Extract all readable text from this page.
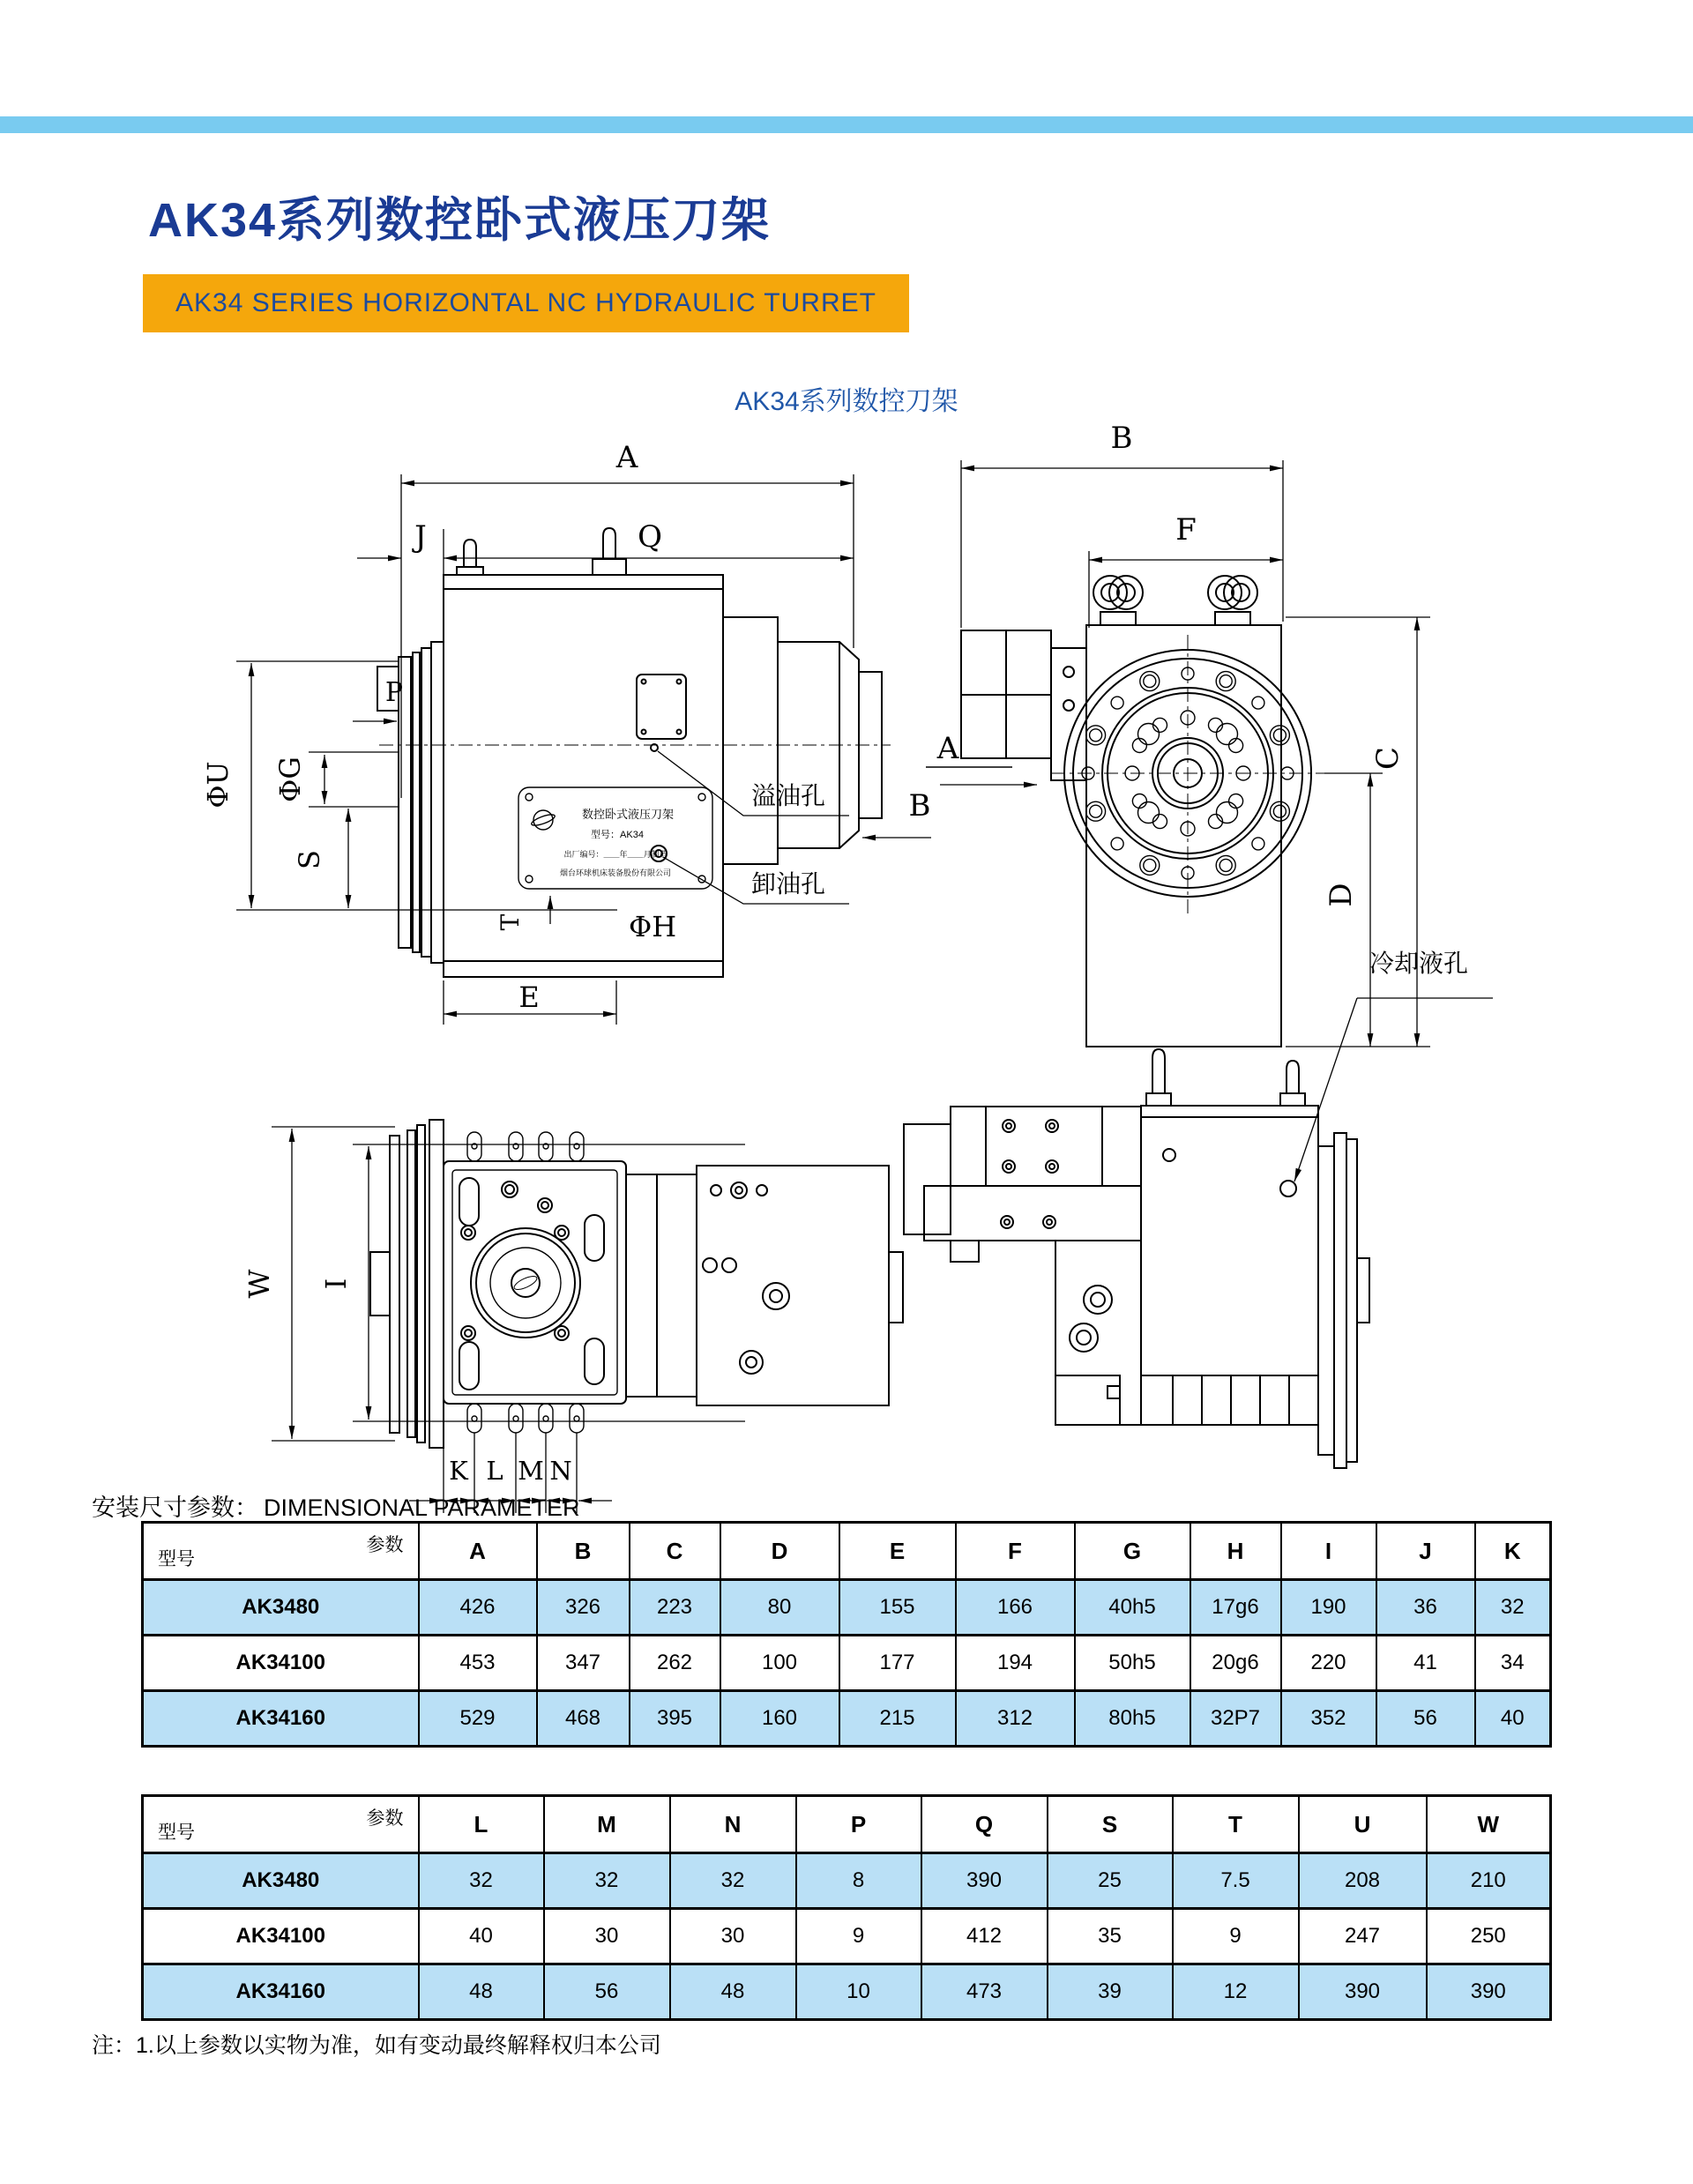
AK34系列数控卧式液压刀架
AK34 SERIES HORIZONTAL NC HYDRAULIC TURRET
AK34系列数控刀架
数控卧式液压刀架
型号：AK34
出厂编号：＿＿年＿＿月制造
烟台环球机床装备股份有限公司
A
J	Q
P
ΦU ΦG
S
T
E
ΦH
溢油孔
卸油孔
A
B
B
F
C
D
W I
K L M N
冷却液孔
安装尺寸参数： DIMENSIONAL PARAMETER
型号
参数	A	B	C	D	E	F	G	H	I	J	K
AK3480	426	326	223	80	155	166	40h5	17g6	190	36	32
AK34100	453	347	262	100	177	194	50h5	20g6	220	41	34
AK34160	529	468	395	160	215	312	80h5	32P7	352	56	40
型号
参数	L	M	N	P	Q	S	T	U	W
AK3480	32	32	32	8	390	25	7.5	208	210
AK34100	40	30	30	9	412	35	9	247	250
AK34160	48	56	48	10	473	39	12	390	390
注：1.以上参数以实物为准，如有变动最终解释权归本公司
